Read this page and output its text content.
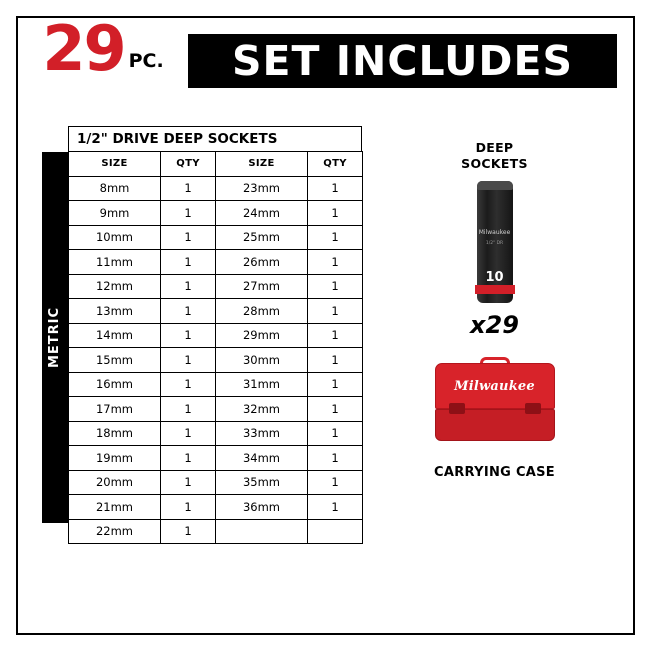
29 PC. SET INCLUDES
METRIC
1/2" DRIVE DEEP SOCKETS
SIZE	QTY	SIZE	QTY
8mm	1	23mm	1
9mm	1	24mm	1
10mm	1	25mm	1
11mm	1	26mm	1
12mm	1	27mm	1
13mm	1	28mm	1
14mm	1	29mm	1
15mm	1	30mm	1
16mm	1	31mm	1
17mm	1	32mm	1
18mm	1	33mm	1
19mm	1	34mm	1
20mm	1	35mm	1
21mm	1	36mm	1
22mm	1		
DEEP
SOCKETS
Milwaukee
1/2" DR
10
x29
Milwaukee
CARRYING CASE
